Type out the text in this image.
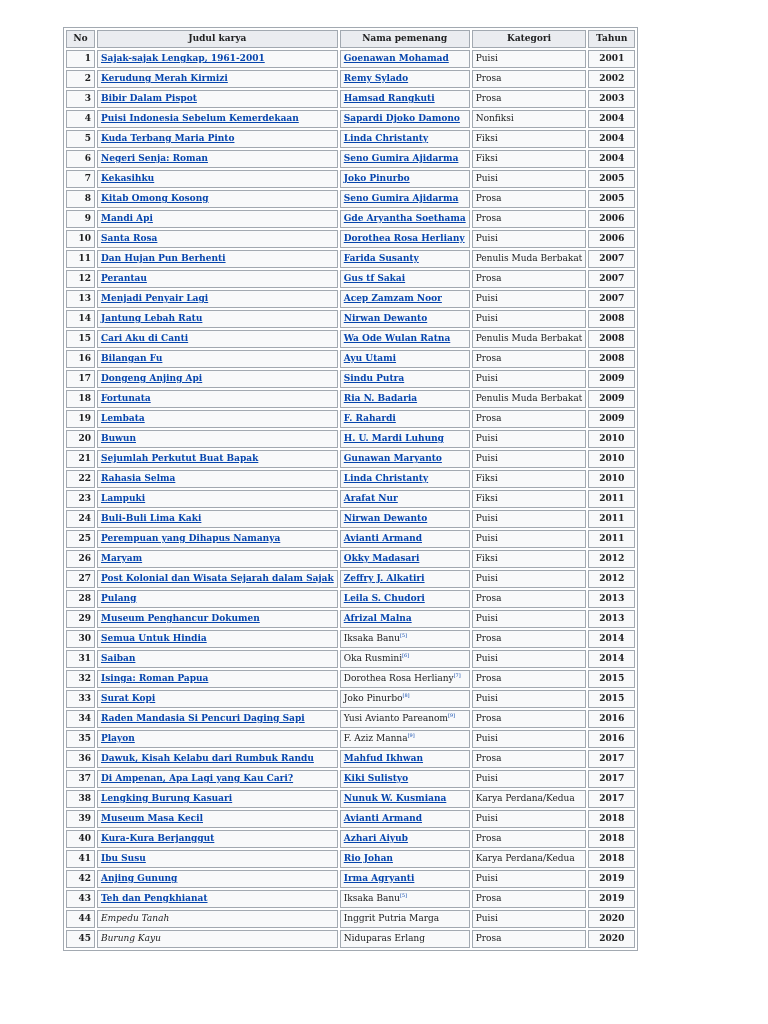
No	Judul karya	Nama pemenang	Kategori	Tahun
1	Sajak-sajak Lengkap, 1961-2001	Goenawan Mohamad	Puisi	2001
2	Kerudung Merah Kirmizi	Remy Sylado	Prosa	2002
3	Bibir Dalam Pispot	Hamsad Rangkuti	Prosa	2003
4	Puisi Indonesia Sebelum Kemerdekaan	Sapardi Djoko Damono	Nonfiksi	2004
5	Kuda Terbang Maria Pinto	Linda Christanty	Fiksi	2004
6	Negeri Senja: Roman	Seno Gumira Ajidarma	Fiksi	2004
7	Kekasihku	Joko Pinurbo	Puisi	2005
8	Kitab Omong Kosong	Seno Gumira Ajidarma	Prosa	2005
9	Mandi Api	Gde Aryantha Soethama	Prosa	2006
10	Santa Rosa	Dorothea Rosa Herliany	Puisi	2006
11	Dan Hujan Pun Berhenti	Farida Susanty	Penulis Muda Berbakat	2007
12	Perantau	Gus tf Sakai	Prosa	2007
13	Menjadi Penyair Lagi	Acep Zamzam Noor	Puisi	2007
14	Jantung Lebah Ratu	Nirwan Dewanto	Puisi	2008
15	Cari Aku di Canti	Wa Ode Wulan Ratna	Penulis Muda Berbakat	2008
16	Bilangan Fu	Ayu Utami	Prosa	2008
17	Dongeng Anjing Api	Sindu Putra	Puisi	2009
18	Fortunata	Ria N. Badaria	Penulis Muda Berbakat	2009
19	Lembata	F. Rahardi	Prosa	2009
20	Buwun	H. U. Mardi Luhung	Puisi	2010
21	Sejumlah Perkutut Buat Bapak	Gunawan Maryanto	Puisi	2010
22	Rahasia Selma	Linda Christanty	Fiksi	2010
23	Lampuki	Arafat Nur	Fiksi	2011
24	Buli-Buli Lima Kaki	Nirwan Dewanto	Puisi	2011
25	Perempuan yang Dihapus Namanya	Avianti Armand	Puisi	2011
26	Maryam	Okky Madasari	Fiksi	2012
27	Post Kolonial dan Wisata Sejarah dalam Sajak	Zeffry J. Alkatiri	Puisi	2012
28	Pulang	Leila S. Chudori	Prosa	2013
29	Museum Penghancur Dokumen	Afrizal Malna	Puisi	2013
30	Semua Untuk Hindia	Iksaka Banu[5]	Prosa	2014
31	Saiban	Oka Rusmini[6]	Puisi	2014
32	Isinga: Roman Papua	Dorothea Rosa Herliany[7]	Prosa	2015
33	Surat Kopi	Joko Pinurbo[8]	Puisi	2015
34	Raden Mandasia Si Pencuri Daging Sapi	Yusi Avianto Pareanom[9]	Prosa	2016
35	Playon	F. Aziz Manna[9]	Puisi	2016
36	Dawuk, Kisah Kelabu dari Rumbuk Randu	Mahfud Ikhwan	Prosa	2017
37	Di Ampenan, Apa Lagi yang Kau Cari?	Kiki Sulistyo	Puisi	2017
38	Lengking Burung Kasuari	Nunuk W. Kusmiana	Karya Perdana/Kedua	2017
39	Museum Masa Kecil	Avianti Armand	Puisi	2018
40	Kura-Kura Berjanggut	Azhari Aiyub	Prosa	2018
41	Ibu Susu	Rio Johan	Karya Perdana/Kedua	2018
42	Anjing Gunung	Irma Agryanti	Puisi	2019
43	Teh dan Pengkhianat	Iksaka Banu[5]	Prosa	2019
44	Empedu Tanah	Inggrit Putria Marga	Puisi	2020
45	Burung Kayu	Niduparas Erlang	Prosa	2020
